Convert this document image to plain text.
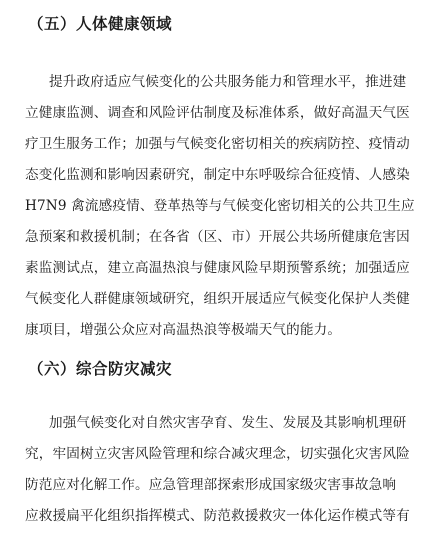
（五）人体健康领域
提升政府适应气候变化的公共服务能力和管理水平，推进建
立健康监测、调查和风险评估制度及标准体系，做好高温天气医
疗卫生服务工作；加强与气候变化密切相关的疾病防控、疫情动
态变化监测和影响因素研究，制定中东呼吸综合征疫情、人感染
H7N9 禽流感疫情、登革热等与气候变化密切相关的公共卫生应
急预案和救援机制；在各省（区、市）开展公共场所健康危害因
素监测试点，建立高温热浪与健康风险早期预警系统；加强适应
气候变化人群健康领域研究，组织开展适应气候变化保护人类健
康项目，增强公众应对高温热浪等极端天气的能力。
（六）综合防灾减灾
加强气候变化对自然灾害孕育、发生、发展及其影响机理研
究，牢固树立灾害风险管理和综合减灾理念，切实强化灾害风险
防范应对化解工作。应急管理部探索形成国家级灾害事故急响
应救援扁平化组织指挥模式、防范救援救灾一体化运作模式等有
